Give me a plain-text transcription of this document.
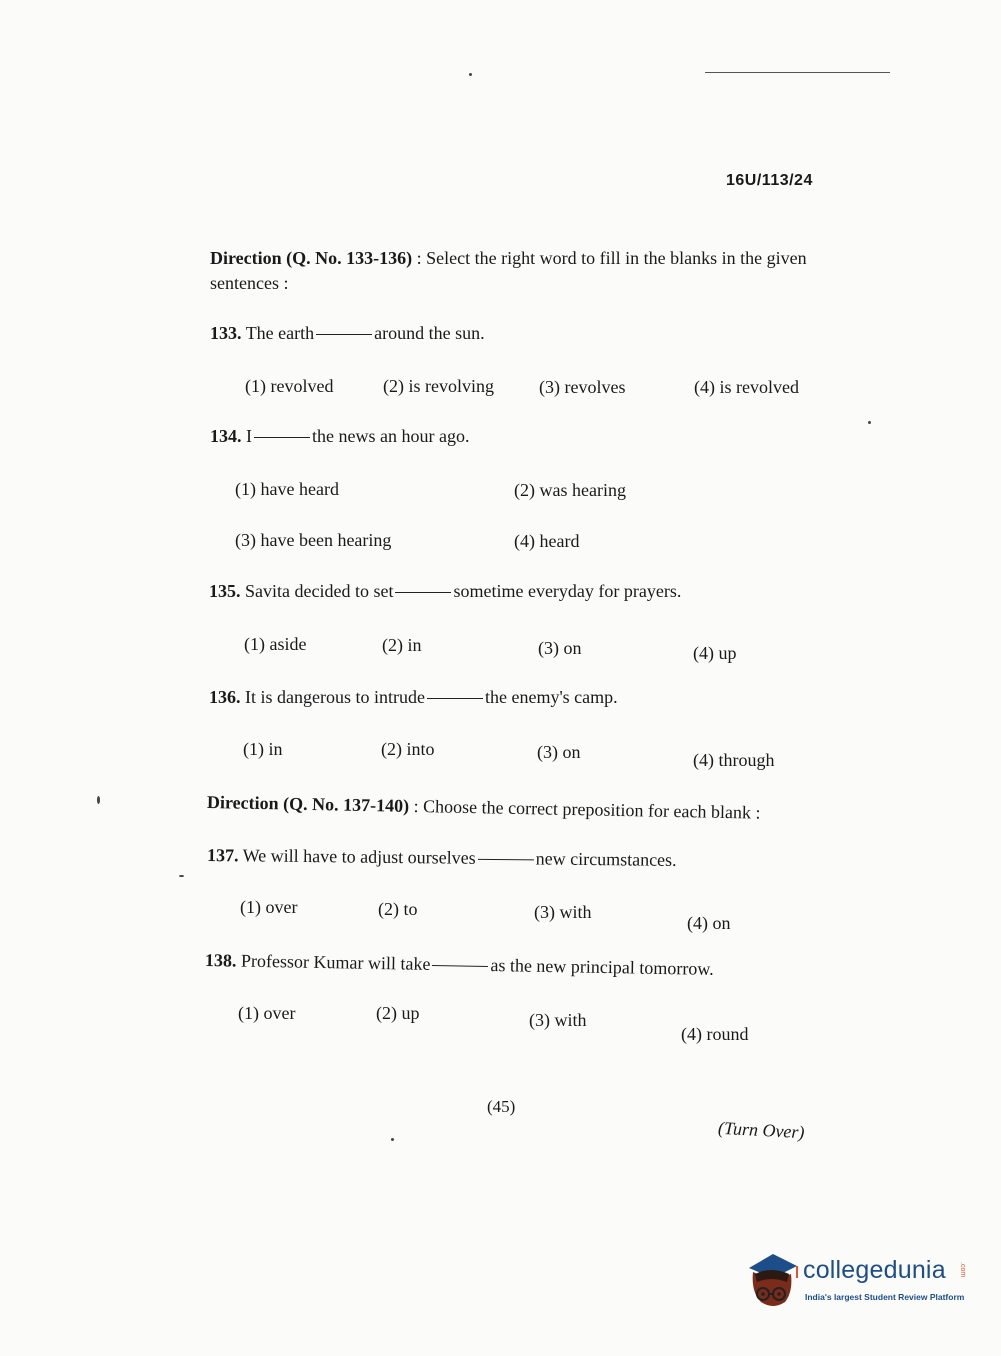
16U/113/24
Direction (Q. No. 133-136) : Select the right word to fill in the blanks in the given
sentences :
133. The earth	around the sun.
(1) revolved	(2) is revolving	(3) revolves	(4) is revolved
134. I	the news an hour ago.
(1) have heard	(2) was hearing
(3) have been hearing	(4) heard
135. Savita decided to set	sometime everyday for prayers.
(1) aside	(2) in	(3) on	(4) up
136. It is dangerous to intrude	the enemy's camp.
(1) in	(2) into	(3) on	(4) through
Direction (Q. No. 137-140) : Choose the correct preposition for each blank :
137. We will have to adjust ourselves	new circumstances.
(1) over	(2) to	(3) with
(4) on
138. Professor Kumar will take	as the new principal tomorrow.
(1) over	(2) up	(3) with
(4) round
(45)
(Turn Over)
collegedunia .com
India's largest Student Review Platform
